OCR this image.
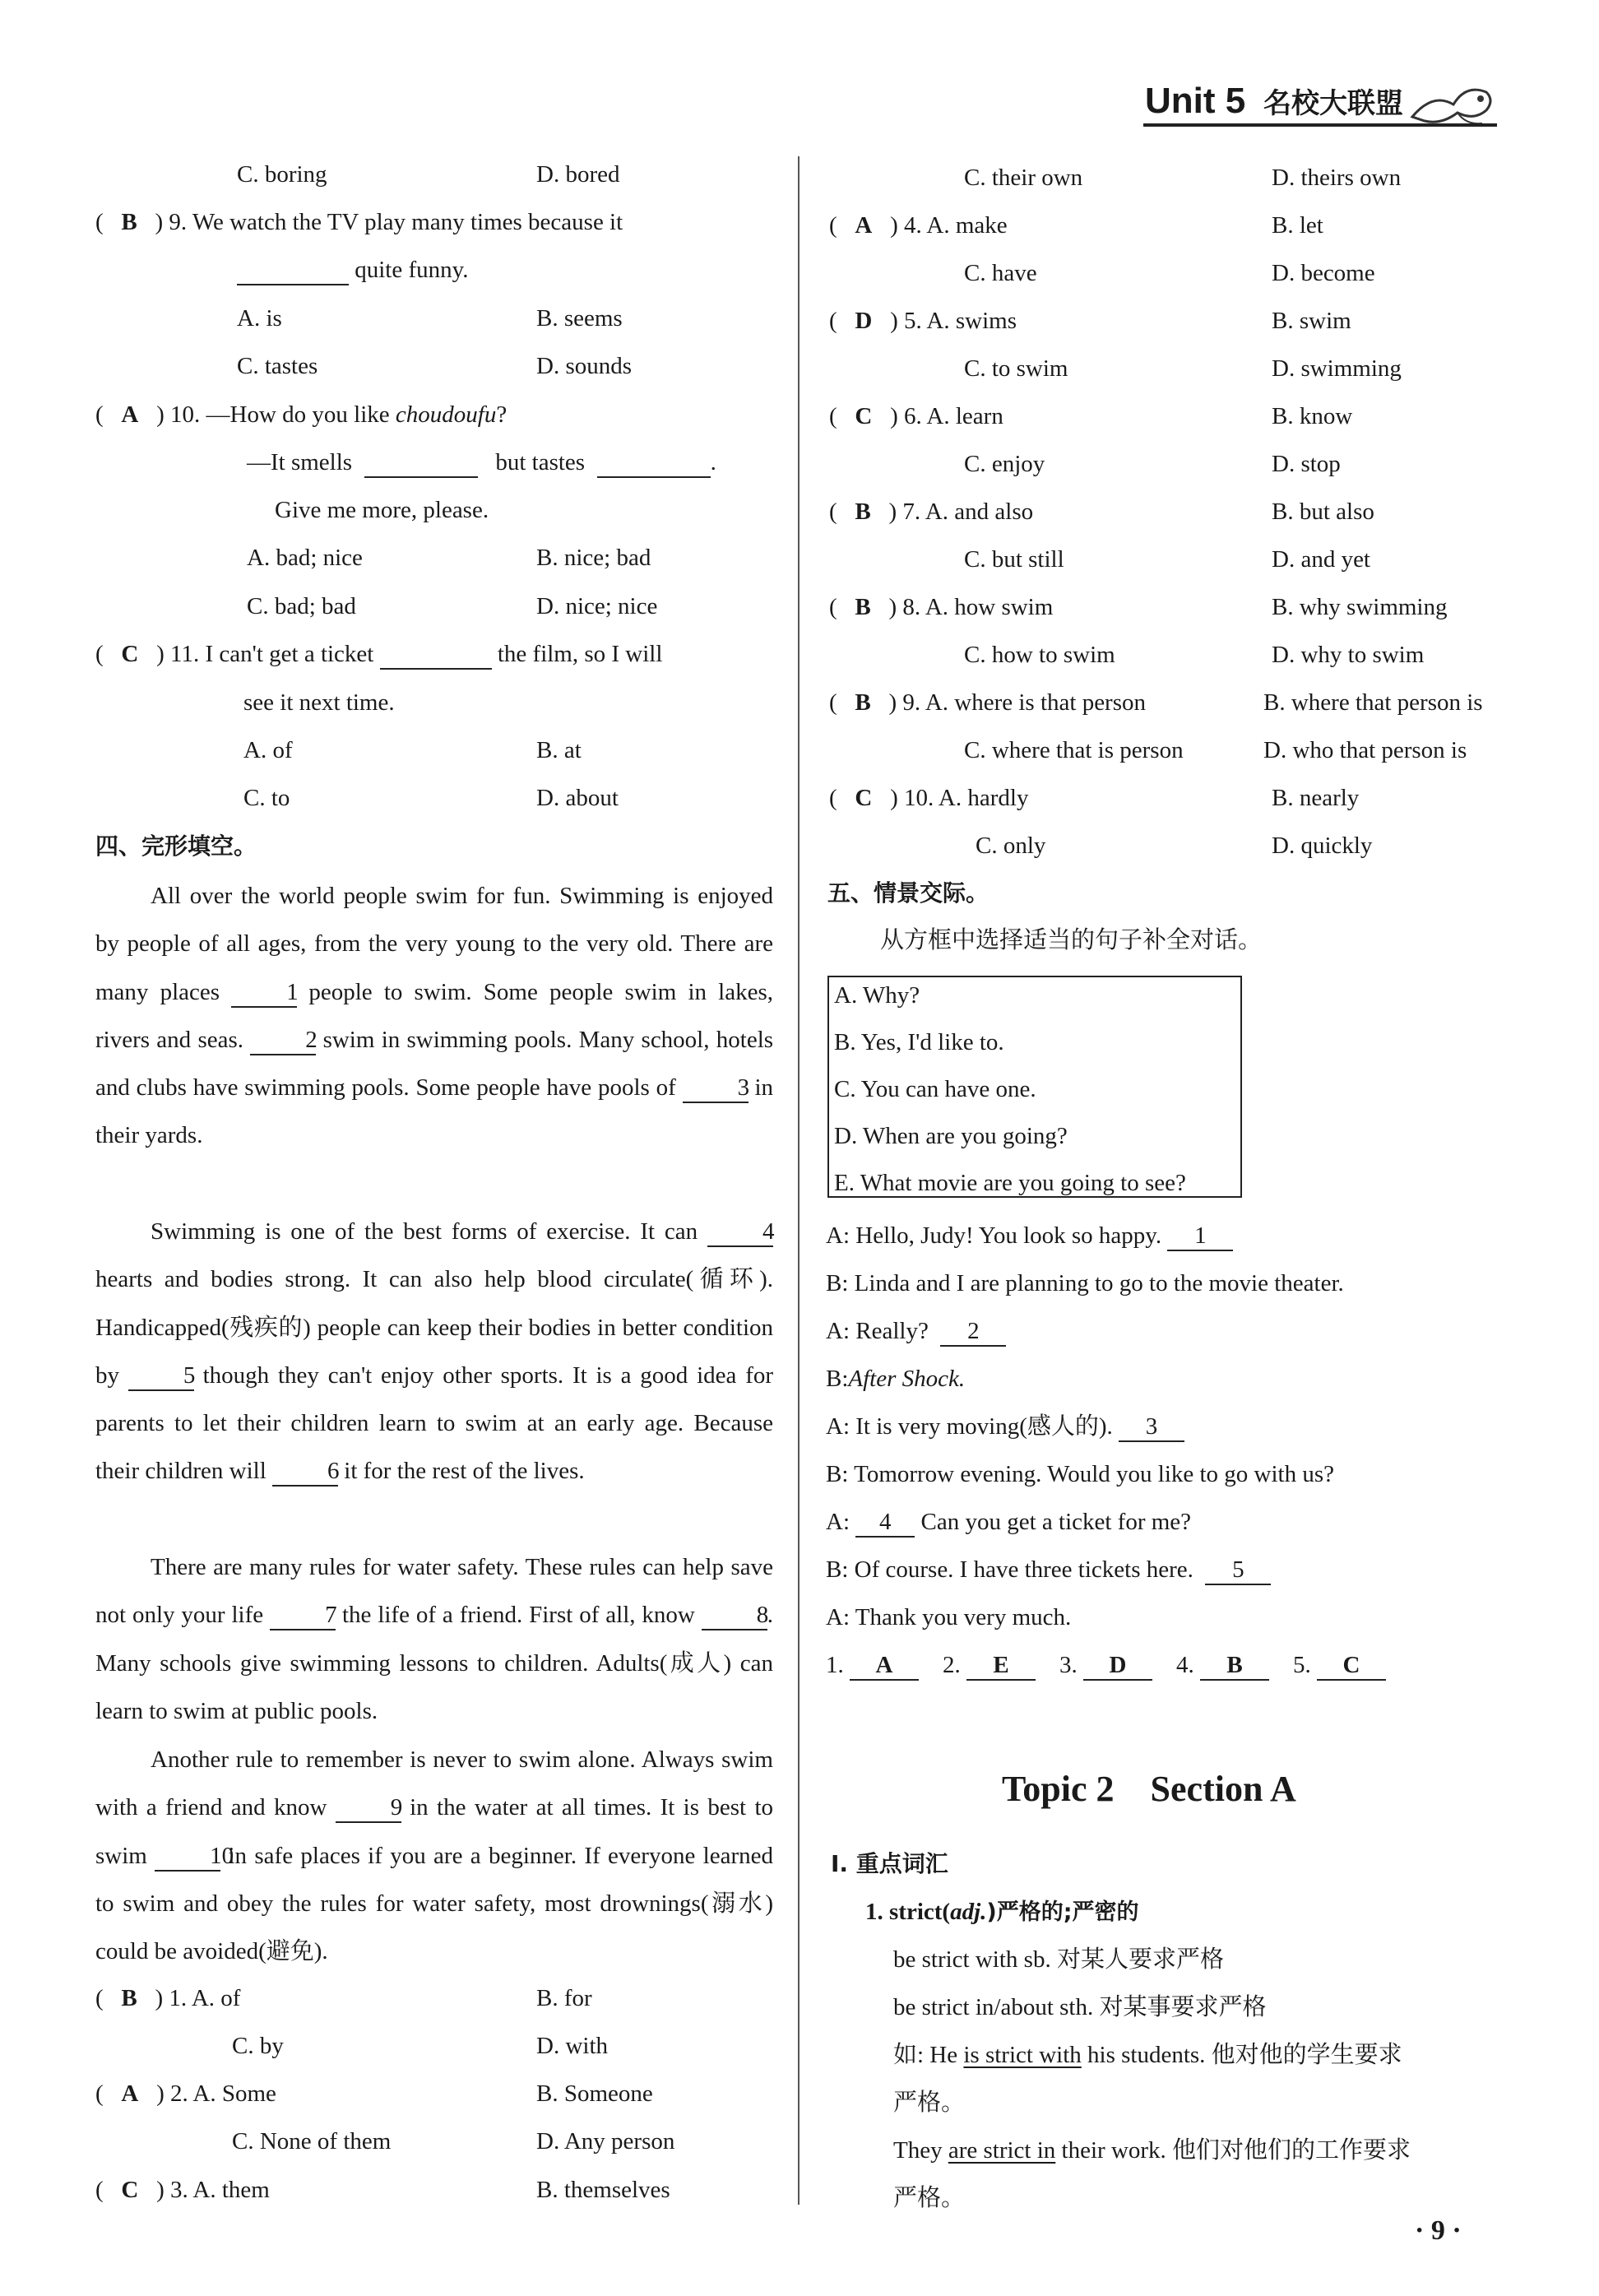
Unit 5 名校大联盟
· 9 ·
C. boring	D. bored
(   B ) 9. We watch the TV play many times because it
quite funny.
A. is	B. seems
C. tastes	D. sounds
(   A ) 10. —How do you like choudoufu?
—It smells	but tastes	.
Give me more, please.
A. bad; nice	B. nice; bad
C. bad; bad	D. nice; nice
(   C ) 11. I can't get a ticket	the film, so I will
see it next time.
A. of	B. at
C. to	D. about
四、完形填空。
All over the world people swim for fun. Swimming is enjoyed by people of all ages, from the very young to the very old. There are many places	1 people to swim. Some people swim in lakes, rivers and seas.	2 swim in swimming pools. Many school, hotels and clubs have swimming pools. Some people have pools of	3 in their yards.
Swimming is one of the best forms of exercise. It can	4 hearts and bodies strong. It can also help blood circulate(循环). Handicapped(残疾的) people can keep their bodies in better condition by	5 though they can't enjoy other sports. It is a good idea for parents to let their children learn to swim at an early age. Because their children will	6 it for the rest of the lives.
There are many rules for water safety. These rules can help save not only your life	7 the life of a friend. First of all, know	8. Many schools give swimming lessons to children. Adults(成人) can learn to swim at public pools.
Another rule to remember is never to swim alone. Always swim with a friend and know	9 in the water at all times. It is best to swim	10 in safe places if you are a beginner. If everyone learned to swim and obey the rules for water safety, most drownings(溺水) could be avoided(避免).
(   B ) 1. A. of	B. for
C. by	D. with
(   A ) 2. A. Some	B. Someone
C. None of them	D. Any person
(   C ) 3. A. them	B. themselves
C. their own	D. theirs own
(   A ) 4. A. make	B. let
C. have	D. become
(   D ) 5. A. swims	B. swim
C. to swim	D. swimming
(   C ) 6. A. learn	B. know
C. enjoy	D. stop
(   B ) 7. A. and also	B. but also
C. but still	D. and yet
(   B ) 8. A. how swim	B. why swimming
C. how to swim	D. why to swim
(   B ) 9. A. where is that person	B. where that person is
C. where that is person	D. who that person is
(   C ) 10. A. hardly	B. nearly
C. only	D. quickly
五、情景交际。
从方框中选择适当的句子补全对话。
A. Why?
B. Yes, I'd like to.
C. You can have one.
D. When are you going?
E. What movie are you going to see?
A: Hello, Judy! You look so happy. 1
B: Linda and I are planning to go to the movie theater.
A: Really? 2
B:After Shock.
A: It is very moving(感人的). 3
B: Tomorrow evening. Would you like to go with us?
A: 4 Can you get a ticket for me?
B: Of course. I have three tickets here. 5
A: Thank you very much.
1. A 2. E 3. D 4. B 5. C
Topic 2    Section A
Ⅰ. 重点词汇
1. strict(adj.)严格的;严密的
be strict with sb. 对某人要求严格
be strict in/about sth. 对某事要求严格
如: He is strict with his students. 他对他的学生要求
严格。
They are strict in their work. 他们对他们的工作要求
严格。
